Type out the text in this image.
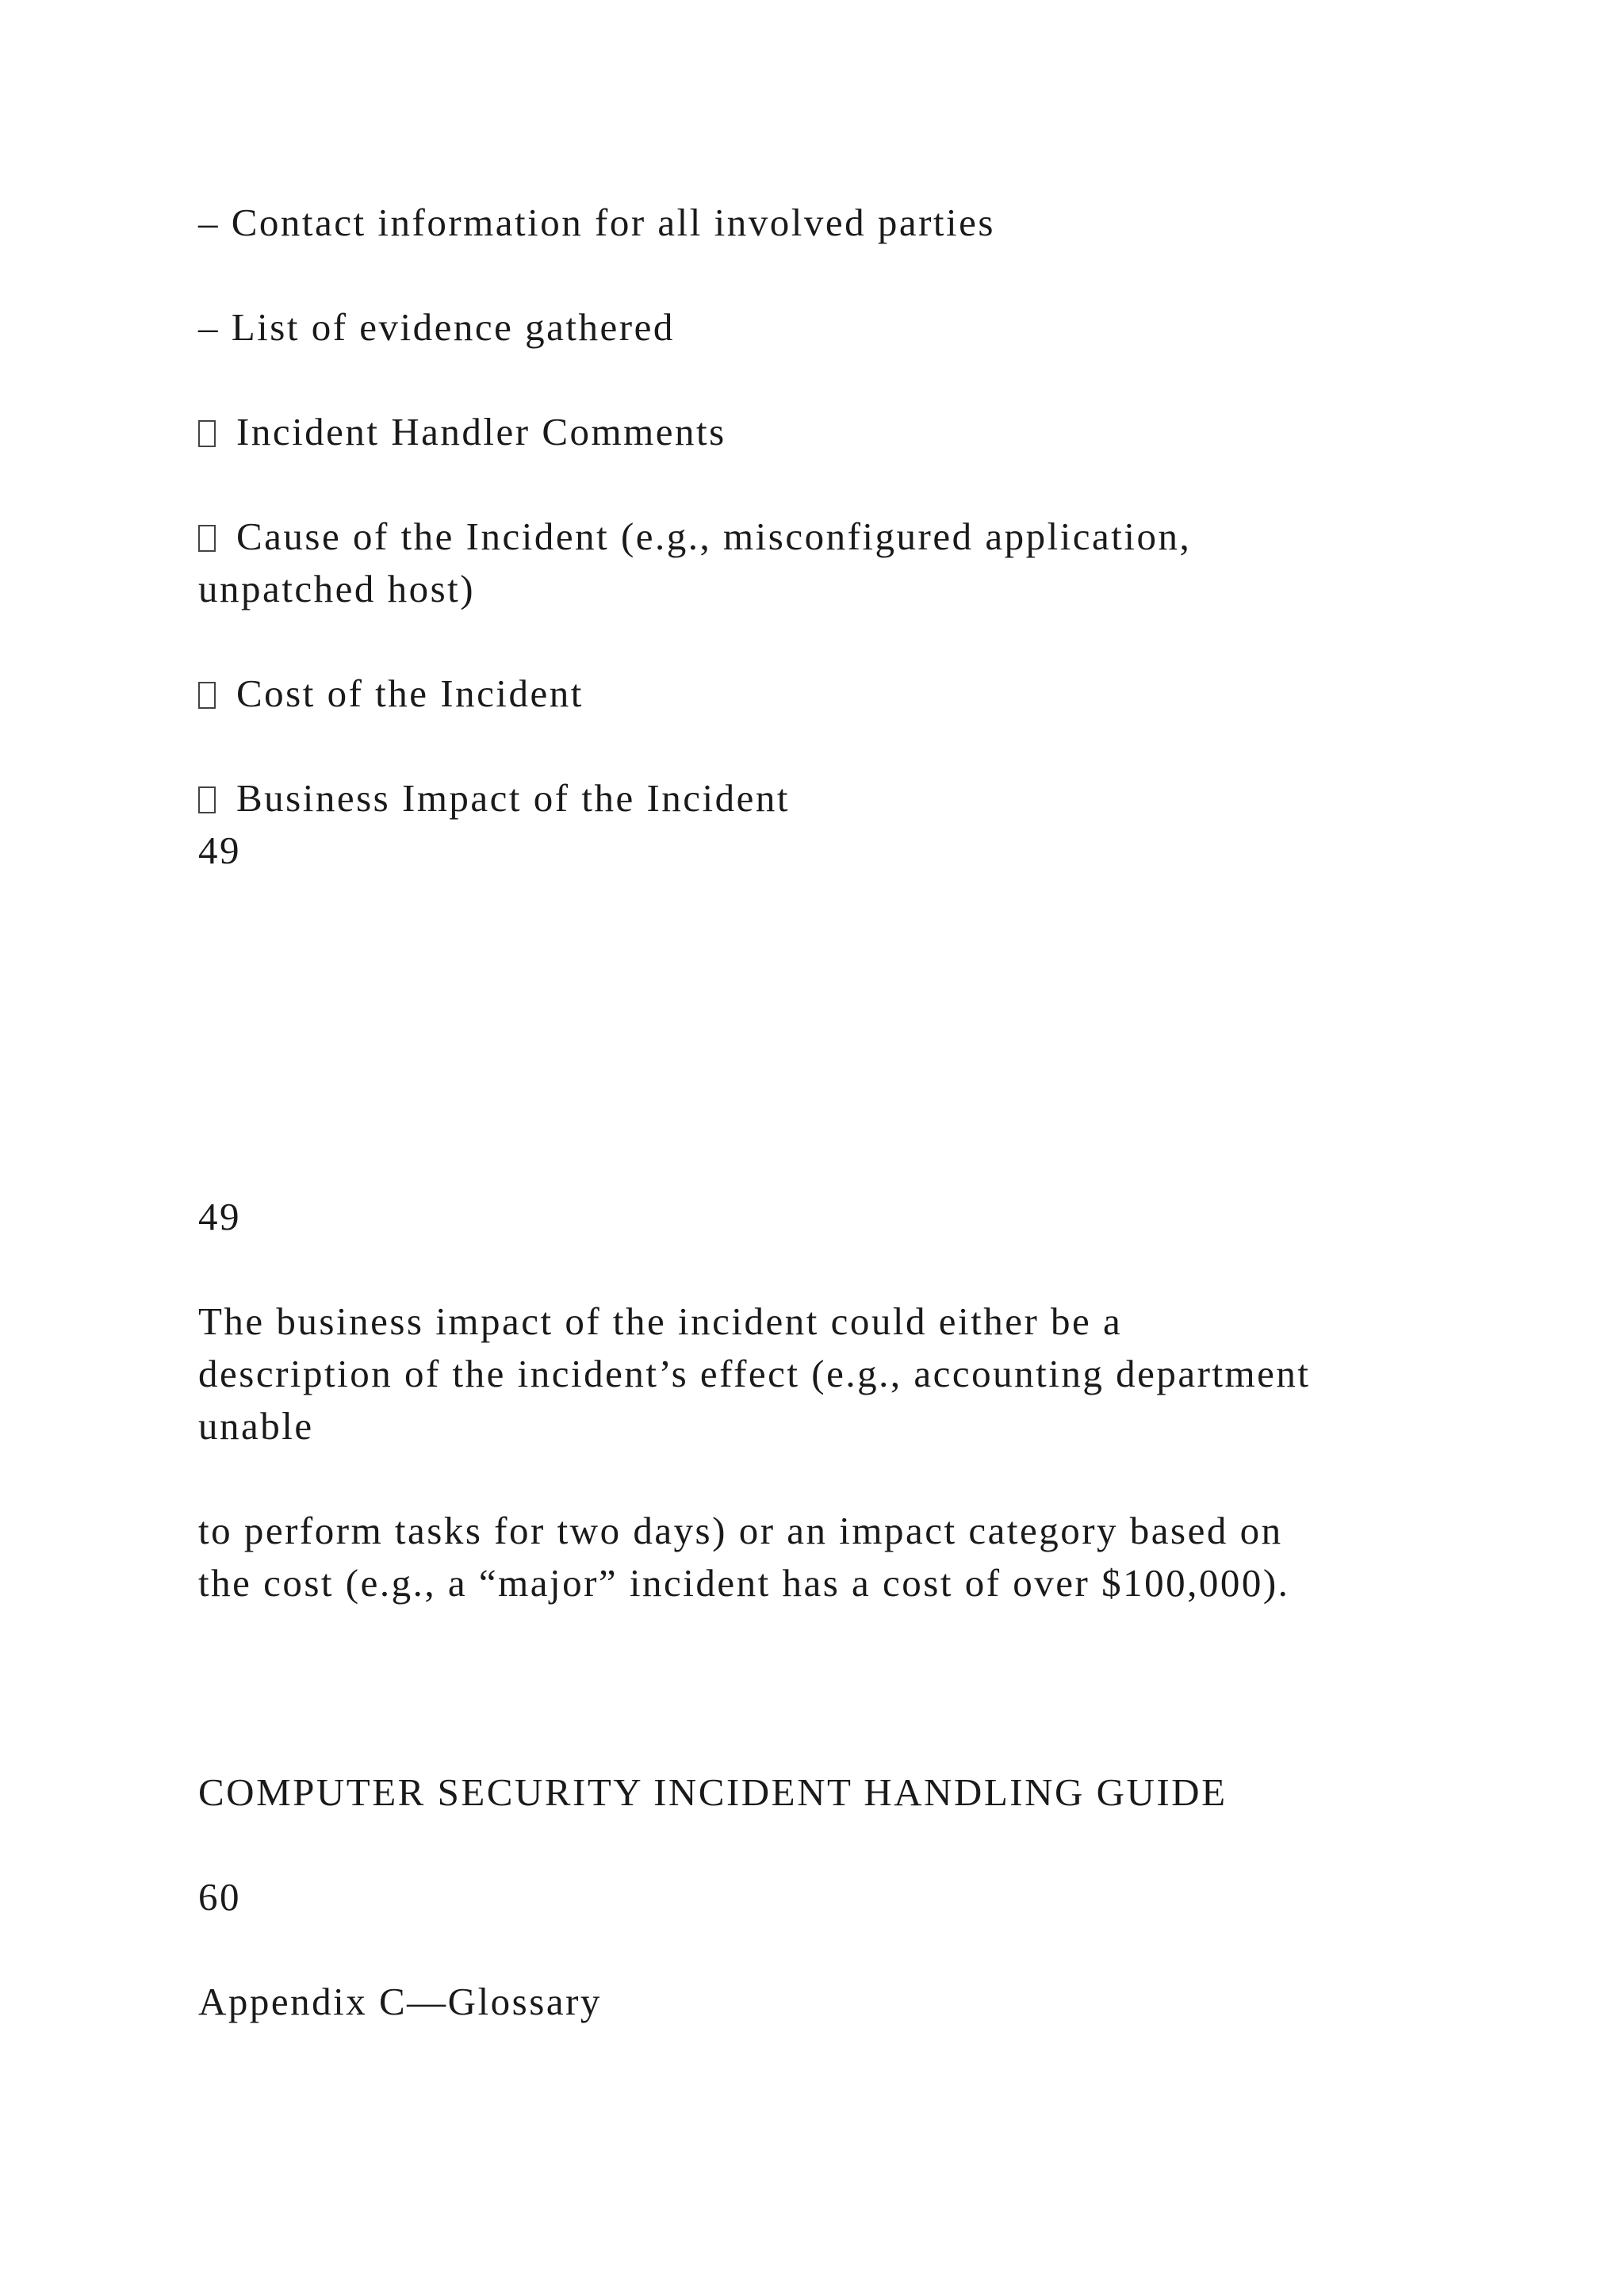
– Contact information for all involved parties

– List of evidence gathered

Incident Handler Comments

Cause of the Incident (e.g., misconfigured application,

unpatched host)

Cost of the Incident

Business Impact of the Incident

49

49

The business impact of the incident could either be a

description of the incident’s effect (e.g., accounting department

unable

to perform tasks for two days) or an impact category based on

the cost (e.g., a “major” incident has a cost of over $100,000).

COMPUTER SECURITY INCIDENT HANDLING GUIDE

60

Appendix C—Glossary
